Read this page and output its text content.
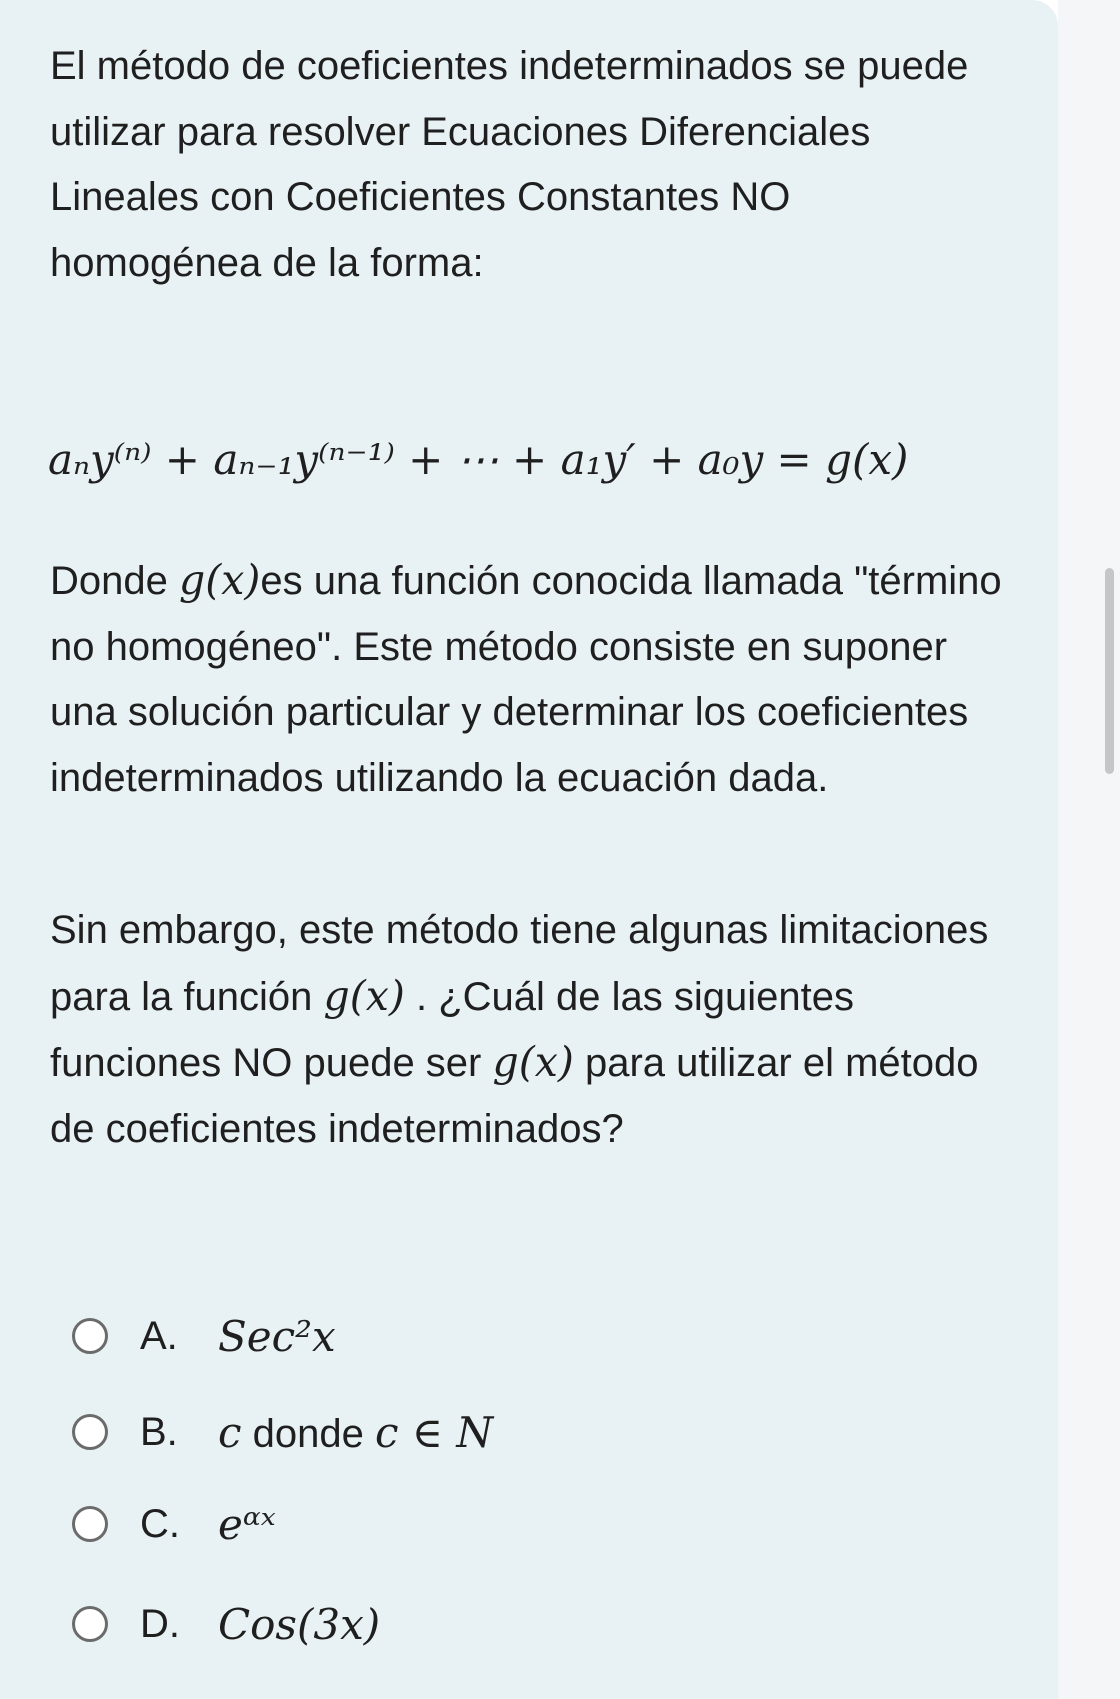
El método de coeficientes indeterminados se puede utilizar para resolver Ecuaciones Diferenciales Lineales con Coeficientes Constantes NO homogénea de la forma:

aₙy⁽ⁿ⁾ + aₙ₋₁y⁽ⁿ⁻¹⁾ + ⋯ + a₁y′ + a₀y = g(x)

Donde g(x)es una función conocida llamada "término no homogéneo". Este método consiste en suponer una solución particular y determinar los coeficientes indeterminados utilizando la ecuación dada.

Sin embargo, este método tiene algunas limitaciones para la función g(x) . ¿Cuál de las siguientes funciones NO puede ser g(x) para utilizar el método de coeficientes indeterminados?

A. Sec²x
B. c donde c ∈ N
C. eᵅˣ
D. Cos(3x)
